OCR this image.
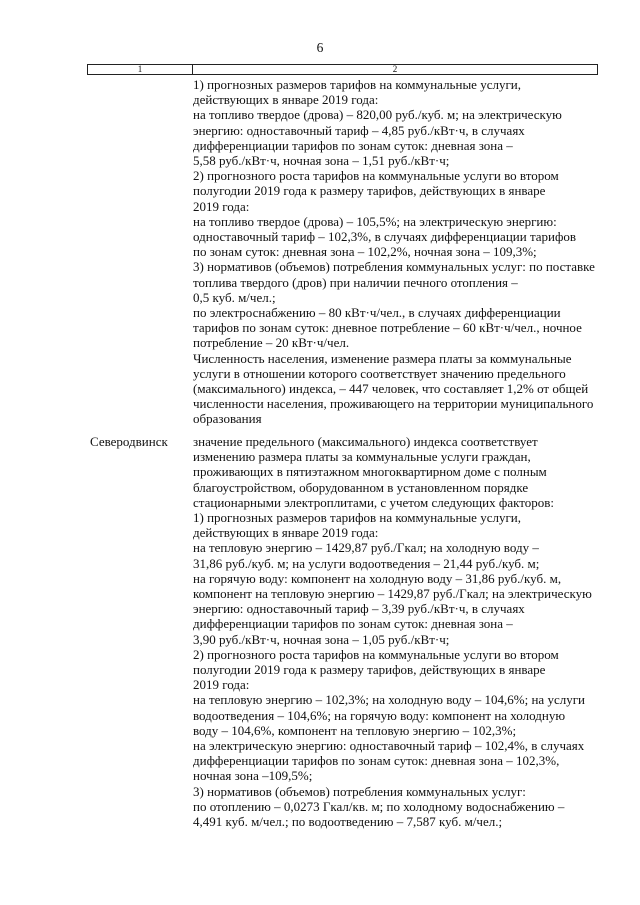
6
1	2
1) прогнозных размеров тарифов на коммунальные услуги,
действующих в январе 2019 года:
на топливо твердое (дрова) – 820,00 руб./куб. м; на электрическую
энергию: одноставочный тариф – 4,85 руб./кВт·ч, в случаях
дифференциации тарифов по зонам суток: дневная зона –
5,58 руб./кВт·ч, ночная зона – 1,51 руб./кВт·ч;
2) прогнозного роста тарифов на коммунальные услуги во втором
полугодии 2019 года к размеру тарифов, действующих в январе
2019 года:
на топливо твердое (дрова) – 105,5%; на электрическую энергию:
одноставочный тариф – 102,3%, в случаях дифференциации тарифов
по зонам суток: дневная зона – 102,2%, ночная зона – 109,3%;
3) нормативов (объемов) потребления коммунальных услуг: по поставке
топлива твердого (дров) при наличии печного отопления –
0,5 куб. м/чел.;
по электроснабжению – 80 кВт·ч/чел., в случаях дифференциации
тарифов по зонам суток: дневное потребление – 60 кВт·ч/чел., ночное
потребление – 20 кВт·ч/чел.
Численность населения, изменение размера платы за коммунальные
услуги в отношении которого соответствует значению предельного
(максимального) индекса, – 447 человек, что составляет 1,2% от общей
численности населения, проживающего на территории муниципального
образования
Северодвинск значение предельного (максимального) индекса соответствует
изменению размера платы за коммунальные услуги граждан,
проживающих в пятиэтажном многоквартирном доме с полным
благоустройством, оборудованном в установленном порядке
стационарными электроплитами, с учетом следующих факторов:
1) прогнозных размеров тарифов на коммунальные услуги,
действующих в январе 2019 года:
на тепловую энергию – 1429,87 руб./Гкал; на холодную воду –
31,86 руб./куб. м; на услуги водоотведения – 21,44 руб./куб. м;
на горячую воду: компонент на холодную воду – 31,86 руб./куб. м,
компонент на тепловую энергию – 1429,87 руб./Гкал; на электрическую
энергию: одноставочный тариф – 3,39 руб./кВт·ч, в случаях
дифференциации тарифов по зонам суток: дневная зона –
3,90 руб./кВт·ч, ночная зона – 1,05 руб./кВт·ч;
2) прогнозного роста тарифов на коммунальные услуги во втором
полугодии 2019 года к размеру тарифов, действующих в январе
2019 года:
на тепловую энергию – 102,3%; на холодную воду – 104,6%; на услуги
водоотведения – 104,6%; на горячую воду: компонент на холодную
воду – 104,6%, компонент на тепловую энергию – 102,3%;
на электрическую энергию: одноставочный тариф – 102,4%, в случаях
дифференциации тарифов по зонам суток: дневная зона – 102,3%,
ночная зона –109,5%;
3) нормативов (объемов) потребления коммунальных услуг:
по отоплению – 0,0273 Гкал/кв. м; по холодному водоснабжению –
4,491 куб. м/чел.; по водоотведению – 7,587 куб. м/чел.;
